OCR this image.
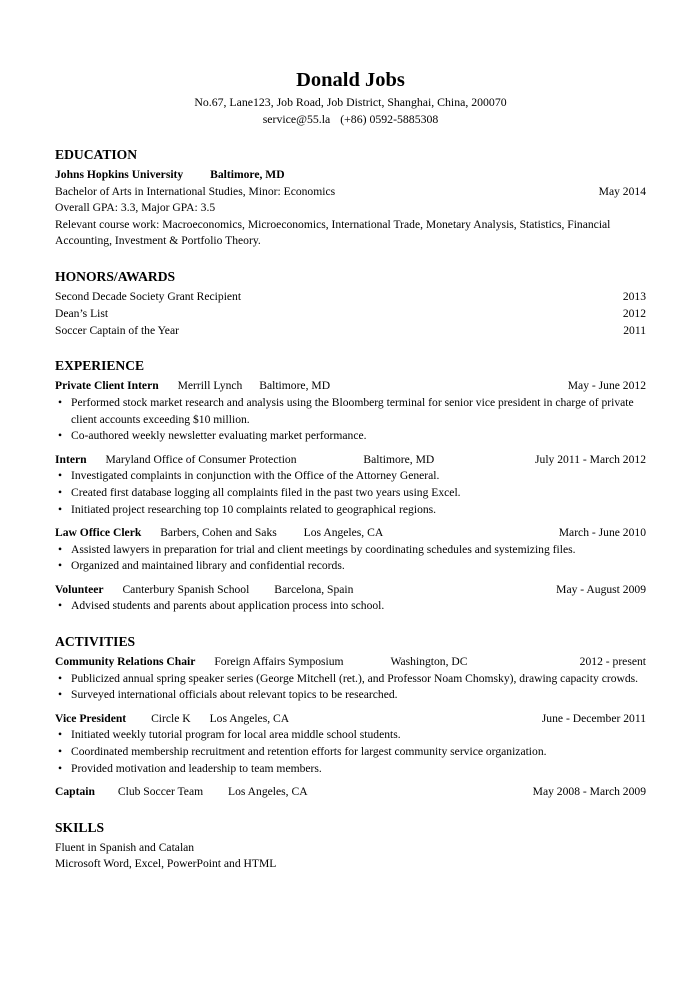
Donald Jobs
No.67, Lane123, Job Road, Job District, Shanghai, China, 200070
service@55.la (+86) 0592-5885308
EDUCATION
Johns Hopkins University Baltimore, MD
Bachelor of Arts in International Studies, Minor: Economics	May 2014
Overall GPA: 3.3, Major GPA: 3.5
Relevant course work: Macroeconomics, Microeconomics, International Trade, Monetary Analysis, Statistics, Financial Accounting, Investment & Portfolio Theory.
HONORS/AWARDS
Second Decade Society Grant Recipient	2013
Dean’s List	2012
Soccer Captain of the Year	2011
EXPERIENCE
Private Client Intern Merrill Lynch Baltimore, MD	May - June 2012
• Performed stock market research and analysis using the Bloomberg terminal for senior vice president in charge of private client accounts exceeding $10 million.
• Co-authored weekly newsletter evaluating market performance.
Intern Maryland Office of Consumer Protection	Baltimore, MD	July 2011 - March 2012
• Investigated complaints in conjunction with the Office of the Attorney General.
• Created first database logging all complaints filed in the past two years using Excel.
• Initiated project researching top 10 complaints related to geographical regions.
Law Office Clerk Barbers, Cohen and Saks Los Angeles, CA	March - June 2010
• Assisted lawyers in preparation for trial and client meetings by coordinating schedules and systemizing files.
• Organized and maintained library and confidential records.
Volunteer Canterbury Spanish School Barcelona, Spain	May - August 2009
• Advised students and parents about application process into school.
ACTIVITIES
Community Relations Chair Foreign Affairs Symposium	Washington, DC	2012 - present
• Publicized annual spring speaker series (George Mitchell (ret.), and Professor Noam Chomsky), drawing capacity crowds.
• Surveyed international officials about relevant topics to be researched.
Vice President Circle K Los Angeles, CA	June - December 2011
• Initiated weekly tutorial program for local area middle school students.
• Coordinated membership recruitment and retention efforts for largest community service organization.
• Provided motivation and leadership to team members.
Captain Club Soccer Team Los Angeles, CA	May 2008 - March 2009
SKILLS
Fluent in Spanish and Catalan
Microsoft Word, Excel, PowerPoint and HTML
